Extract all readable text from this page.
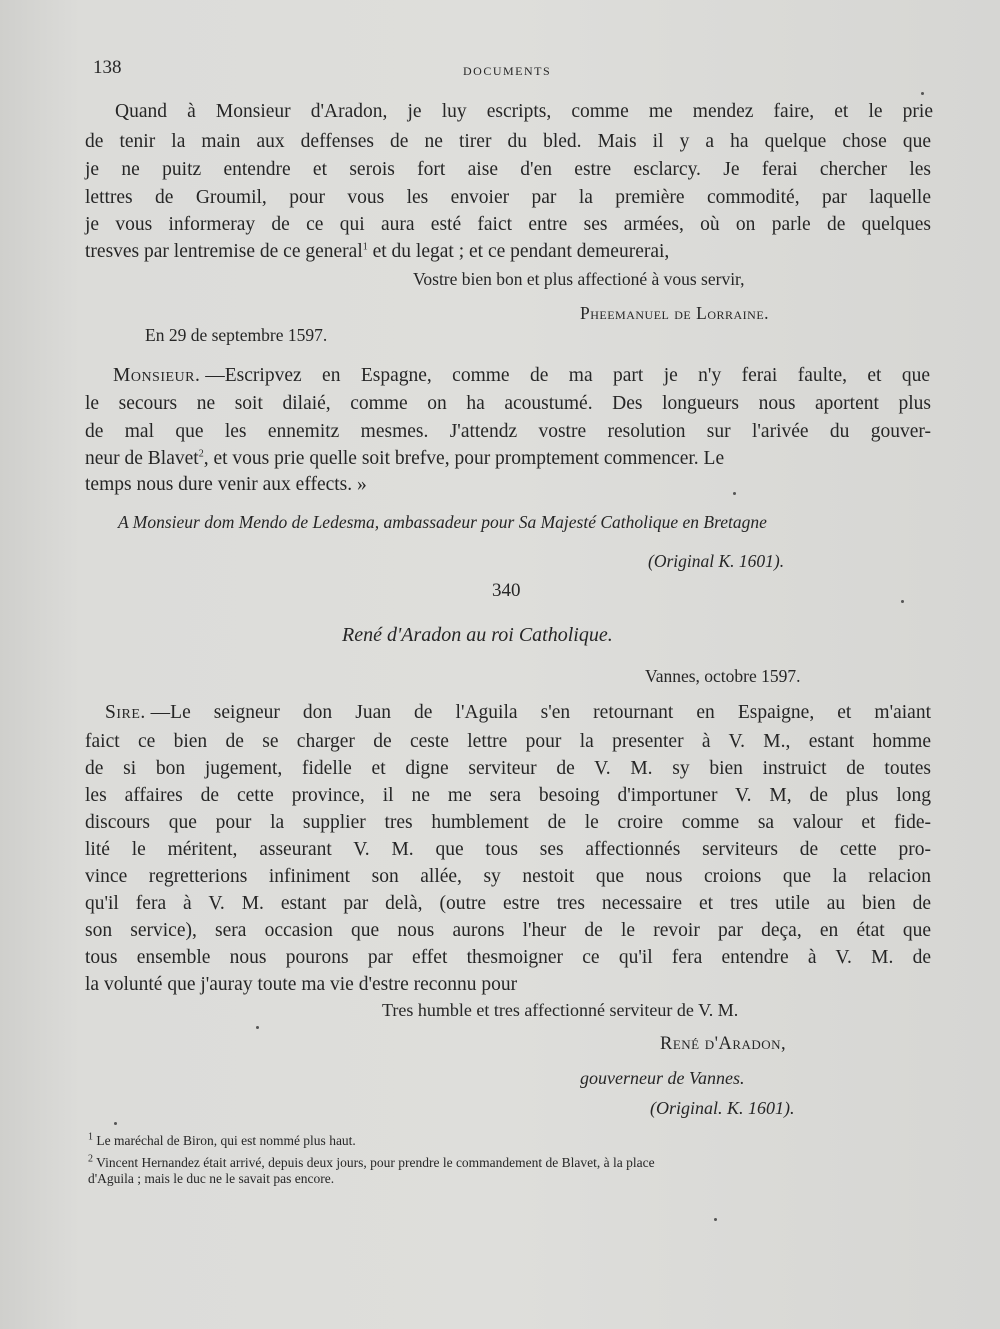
138	DOCUMENTS
Quand à Monsieur d'Aradon, je luy escripts, comme me mendez faire, et le prie
de tenir la main aux deffenses de ne tirer du bled. Mais il y a ha quelque chose que
je ne puitz entendre et serois fort aise d'en estre esclarcy. Je ferai chercher les
lettres de Groumil, pour vous les envoier par la première commodité, par laquelle
je vous informeray de ce qui aura esté faict entre ses armées, où on parle de quelques
tresves par lentremise de ce general$^1$ et du legat ; et ce pendant demeurerai,
Vostre bien bon et plus affectioné à vous servir,
Pheemanuel de Lorraine.
En 29 de septembre 1597.
Monsieur. — Escripvez en Espagne, comme de ma part je n'y ferai faulte, et que
le secours ne soit dilaié, comme on ha acoustumé. Des longueurs nous aportent plus
de mal que les ennemitz mesmes. J'attendz vostre resolution sur l'arivée du gouver-
neur de Blavet$^2$, et vous prie quelle soit brefve, pour promptement commencer. Le
temps nous dure venir aux effects. »
A Monsieur dom Mendo de Ledesma, ambassadeur pour Sa Majesté Catholique en Bretagne
(Original K. 1601).
340
René d'Aradon au roi Catholique.
Vannes, octobre 1597.
Sire. — Le seigneur don Juan de l'Aguila s'en retournant en Espaigne, et m'aiant
faict ce bien de se charger de ceste lettre pour la presenter à V. M., estant homme
de si bon jugement, fidelle et digne serviteur de V. M. sy bien instruict de toutes
les affaires de cette province, il ne me sera besoing d'importuner V. M, de plus long
discours que pour la supplier tres humblement de le croire comme sa valour et fide-
lité le méritent, asseurant V. M. que tous ses affectionnés serviteurs de cette pro-
vince regretterions infiniment son allée, sy nestoit que nous croions que la relacion
qu'il fera à V. M. estant par delà, (outre estre tres necessaire et tres utile au bien de
son service), sera occasion que nous aurons l'heur de le revoir par deça, en état que
tous ensemble nous pourons par effet thesmoigner ce qu'il fera entendre à V. M. de
la volunté que j'auray toute ma vie d'estre reconnu pour
Tres humble et tres affectionné serviteur de V. M.
René d'Aradon,
gouverneur de Vannes.
(Original. K. 1601).
$^1$ Le maréchal de Biron, qui est nommé plus haut.
$^2$ Vincent Hernandez était arrivé, depuis deux jours, pour prendre le commandement de Blavet, à la place
d'Aguila ; mais le duc ne le savait pas encore.
